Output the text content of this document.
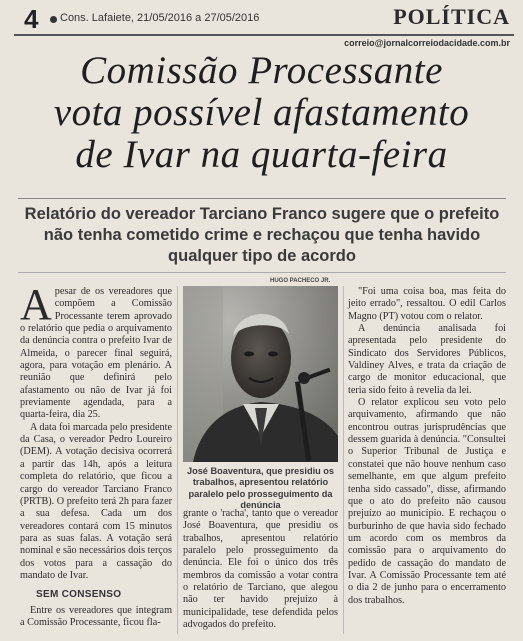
4 Cons. Lafaiete, 21/05/2016 a 27/05/2016	POLÍTICA
correio@jornalcorreiodacidade.com.br
Comissão Processante
vota possível afastamento
de Ivar na quarta-feira
Relatório do vereador Tarciano Franco sugere que o prefeito não tenha cometido crime e rechaçou que tenha havido qualquer tipo de acordo

Apesar de os vereadores que compõem a Comissão Processante terem aprovado o relatório que pedia o arquivamento da denúncia contra o prefeito Ivar de Almeida, o parecer final seguirá, agora, para votação em plenário. A reunião que definirá pelo afastamento ou não de Ivar já foi previamente agendada, para a quarta-feira, dia 25.

A data foi marcada pelo presidente da Casa, o vereador Pedro Loureiro (DEM). A votação decisiva ocorrerá a partir das 14h, após a leitura completa do relatório, que ficou a cargo do vereador Tarciano Franco (PRTB). O prefeito terá 2h para fazer a sua defesa. Cada um dos vereadores contará com 15 minutos para as suas falas. A votação será nominal e são necessários dois terços dos votos para a cassação do mandato de Ivar.

SEM CONSENSO

Entre os vereadores que integram a Comissão Processante, ficou fla-

HUGO PACHECO JR.
José Boaventura, que presidiu os trabalhos, apresentou relatório paralelo pelo prosseguimento da denúncia

grante o 'racha', tanto que o vereador José Boaventura, que presidiu os trabalhos, apresentou relatório paralelo pelo prosseguimento da denúncia. Ele foi o único dos três membros da comissão a votar contra o relatório de Tarciano, que alegou não ter havido prejuízo à municipalidade, tese defendida pelos advogados do prefeito.

"Foi uma coisa boa, mas feita do jeito errado", ressaltou. O edil Carlos Magno (PT) votou com o relator.

A denúncia analisada foi apresentada pelo presidente do Sindicato dos Servidores Públicos, Valdiney Alves, e trata da criação de cargo de monitor educacional, que teria sido feito à revelia da lei.

O relator explicou seu voto pelo arquivamento, afirmando que não encontrou outras jurisprudências que dessem guarida à denúncia. "Consultei o Superior Tribunal de Justiça e constatei que não houve nenhum caso semelhante, em que algum prefeito tenha sido cassado", disse, afirmando que o ato do prefeito não causou prejuízo ao município. E rechaçou o burburinho de que havia sido fechado um acordo com os membros da comissão para o arquivamento do pedido de cassação do mandato de Ivar. A Comissão Processante tem até o dia 2 de junho para o encerramento dos trabalhos.
